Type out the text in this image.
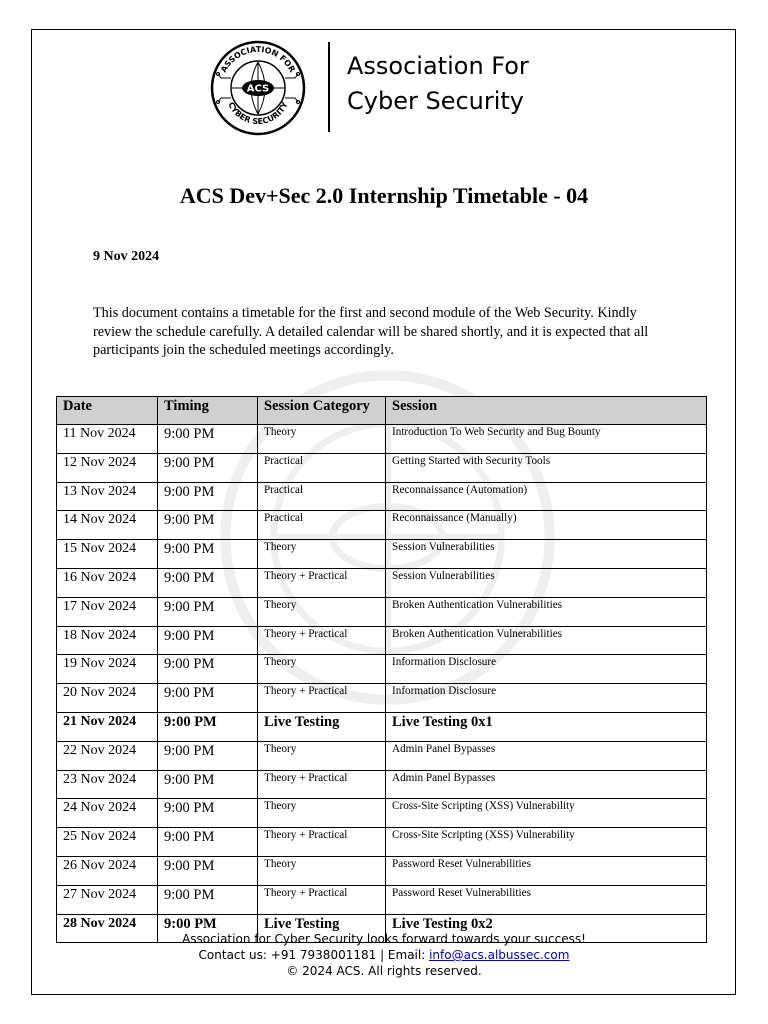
ASSOCIATION FOR
CYBER SECURITY
ACS
Association For
Cyber Security
ACS Dev+Sec 2.0 Internship Timetable - 04
9 Nov 2024
This document contains a timetable for the first and second module of the Web Security. Kindly review the schedule carefully. A detailed calendar will be shared shortly, and it is expected that all participants join the scheduled meetings accordingly.
Date	Timing	Session Category	Session
11 Nov 2024	9:00 PM	Theory	Introduction To Web Security and Bug Bounty
12 Nov 2024	9:00 PM	Practical	Getting Started with Security Tools
13 Nov 2024	9:00 PM	Practical	Reconnaissance (Automation)
14 Nov 2024	9:00 PM	Practical	Reconnaissance (Manually)
15 Nov 2024	9:00 PM	Theory	Session Vulnerabilities
16 Nov 2024	9:00 PM	Theory + Practical	Session Vulnerabilities
17 Nov 2024	9:00 PM	Theory	Broken Authentication Vulnerabilities
18 Nov 2024	9:00 PM	Theory + Practical	Broken Authentication Vulnerabilities
19 Nov 2024	9:00 PM	Theory	Information Disclosure
20 Nov 2024	9:00 PM	Theory + Practical	Information Disclosure
21 Nov 2024	9:00 PM	Live Testing	Live Testing 0x1
22 Nov 2024	9:00 PM	Theory	Admin Panel Bypasses
23 Nov 2024	9:00 PM	Theory + Practical	Admin Panel Bypasses
24 Nov 2024	9:00 PM	Theory	Cross-Site Scripting (XSS) Vulnerability
25 Nov 2024	9:00 PM	Theory + Practical	Cross-Site Scripting (XSS) Vulnerability
26 Nov 2024	9:00 PM	Theory	Password Reset Vulnerabilities
27 Nov 2024	9:00 PM	Theory + Practical	Password Reset Vulnerabilities
28 Nov 2024	9:00 PM	Live Testing	Live Testing 0x2
Association for Cyber Security looks forward towards your success!
Contact us: +91 7938001181 | Email: info@acs.albussec.com
© 2024 ACS. All rights reserved.
